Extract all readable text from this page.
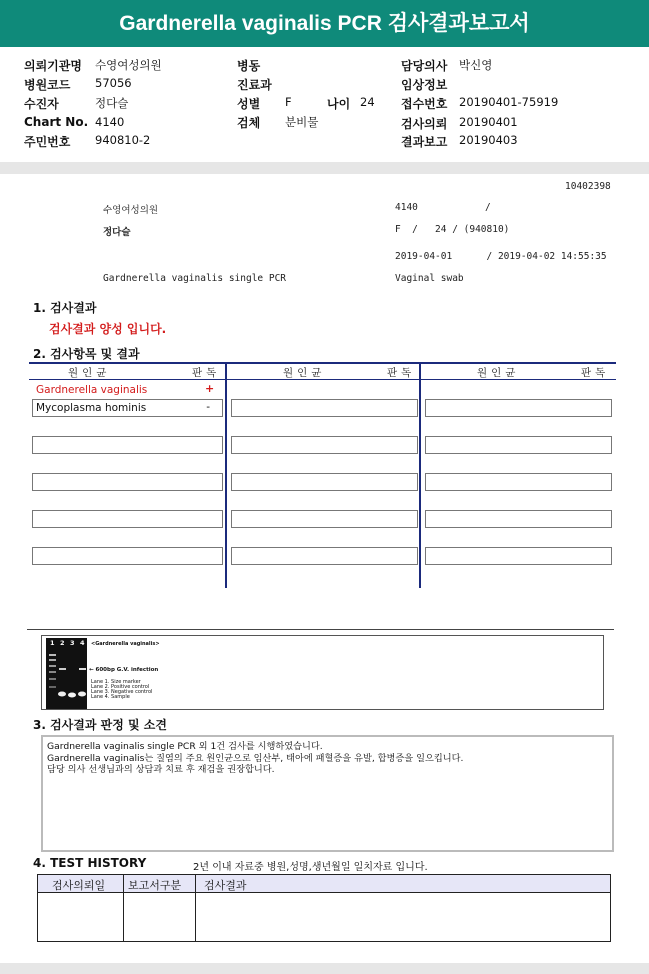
Gardnerella vaginalis PCR 검사결과보고서
의뢰기관명 수영여성의원
병원코드 57056
수진자	정다슬
Chart No. 4140
주민번호 940810-2
병동
진료과
성별 F	나이 24
검체 분비물
담당의사 박신영
임상정보
접수번호 20190401-75919
검사의뢰 20190401
결과보고 20190403
10402398
수영여성의원	4140	/
정다슬	F  /   24 / (940810)
2019-04-01      / 2019-04-02 14:55:35
Gardnerella vaginalis single PCR	Vaginal swab
1. 검사결과
검사결과 양성 입니다.
2. 검사항목 및 결과
원인균	판독	원인균	판독	원인균	판독
Gardnerella vaginalis	+
Mycoplasma hominis	-
1 2 3 4 <Gardnerella vaginalis>
← 600bp G.V. infection
Lane 1. Size marker
Lane 2. Positive control
Lane 3. Negative control
Lane 4. Sample
3. 검사결과 판정 및 소견
Gardnerella vaginalis single PCR 외 1건 검사를 시행하였습니다.
Gardnerella vaginalis는 질염의 주요 원인균으로 임산부, 태아에 패혈증을 유발, 합병증을 일으킵니다.
담당 의사 선생님과의 상담과 치료 후 재검을 권장합니다.
4. TEST HISTORY	2년 이내 자료중 병원,성명,생년월일 일치자료 입니다.
검사의뢰일 보고서구분 검사결과
